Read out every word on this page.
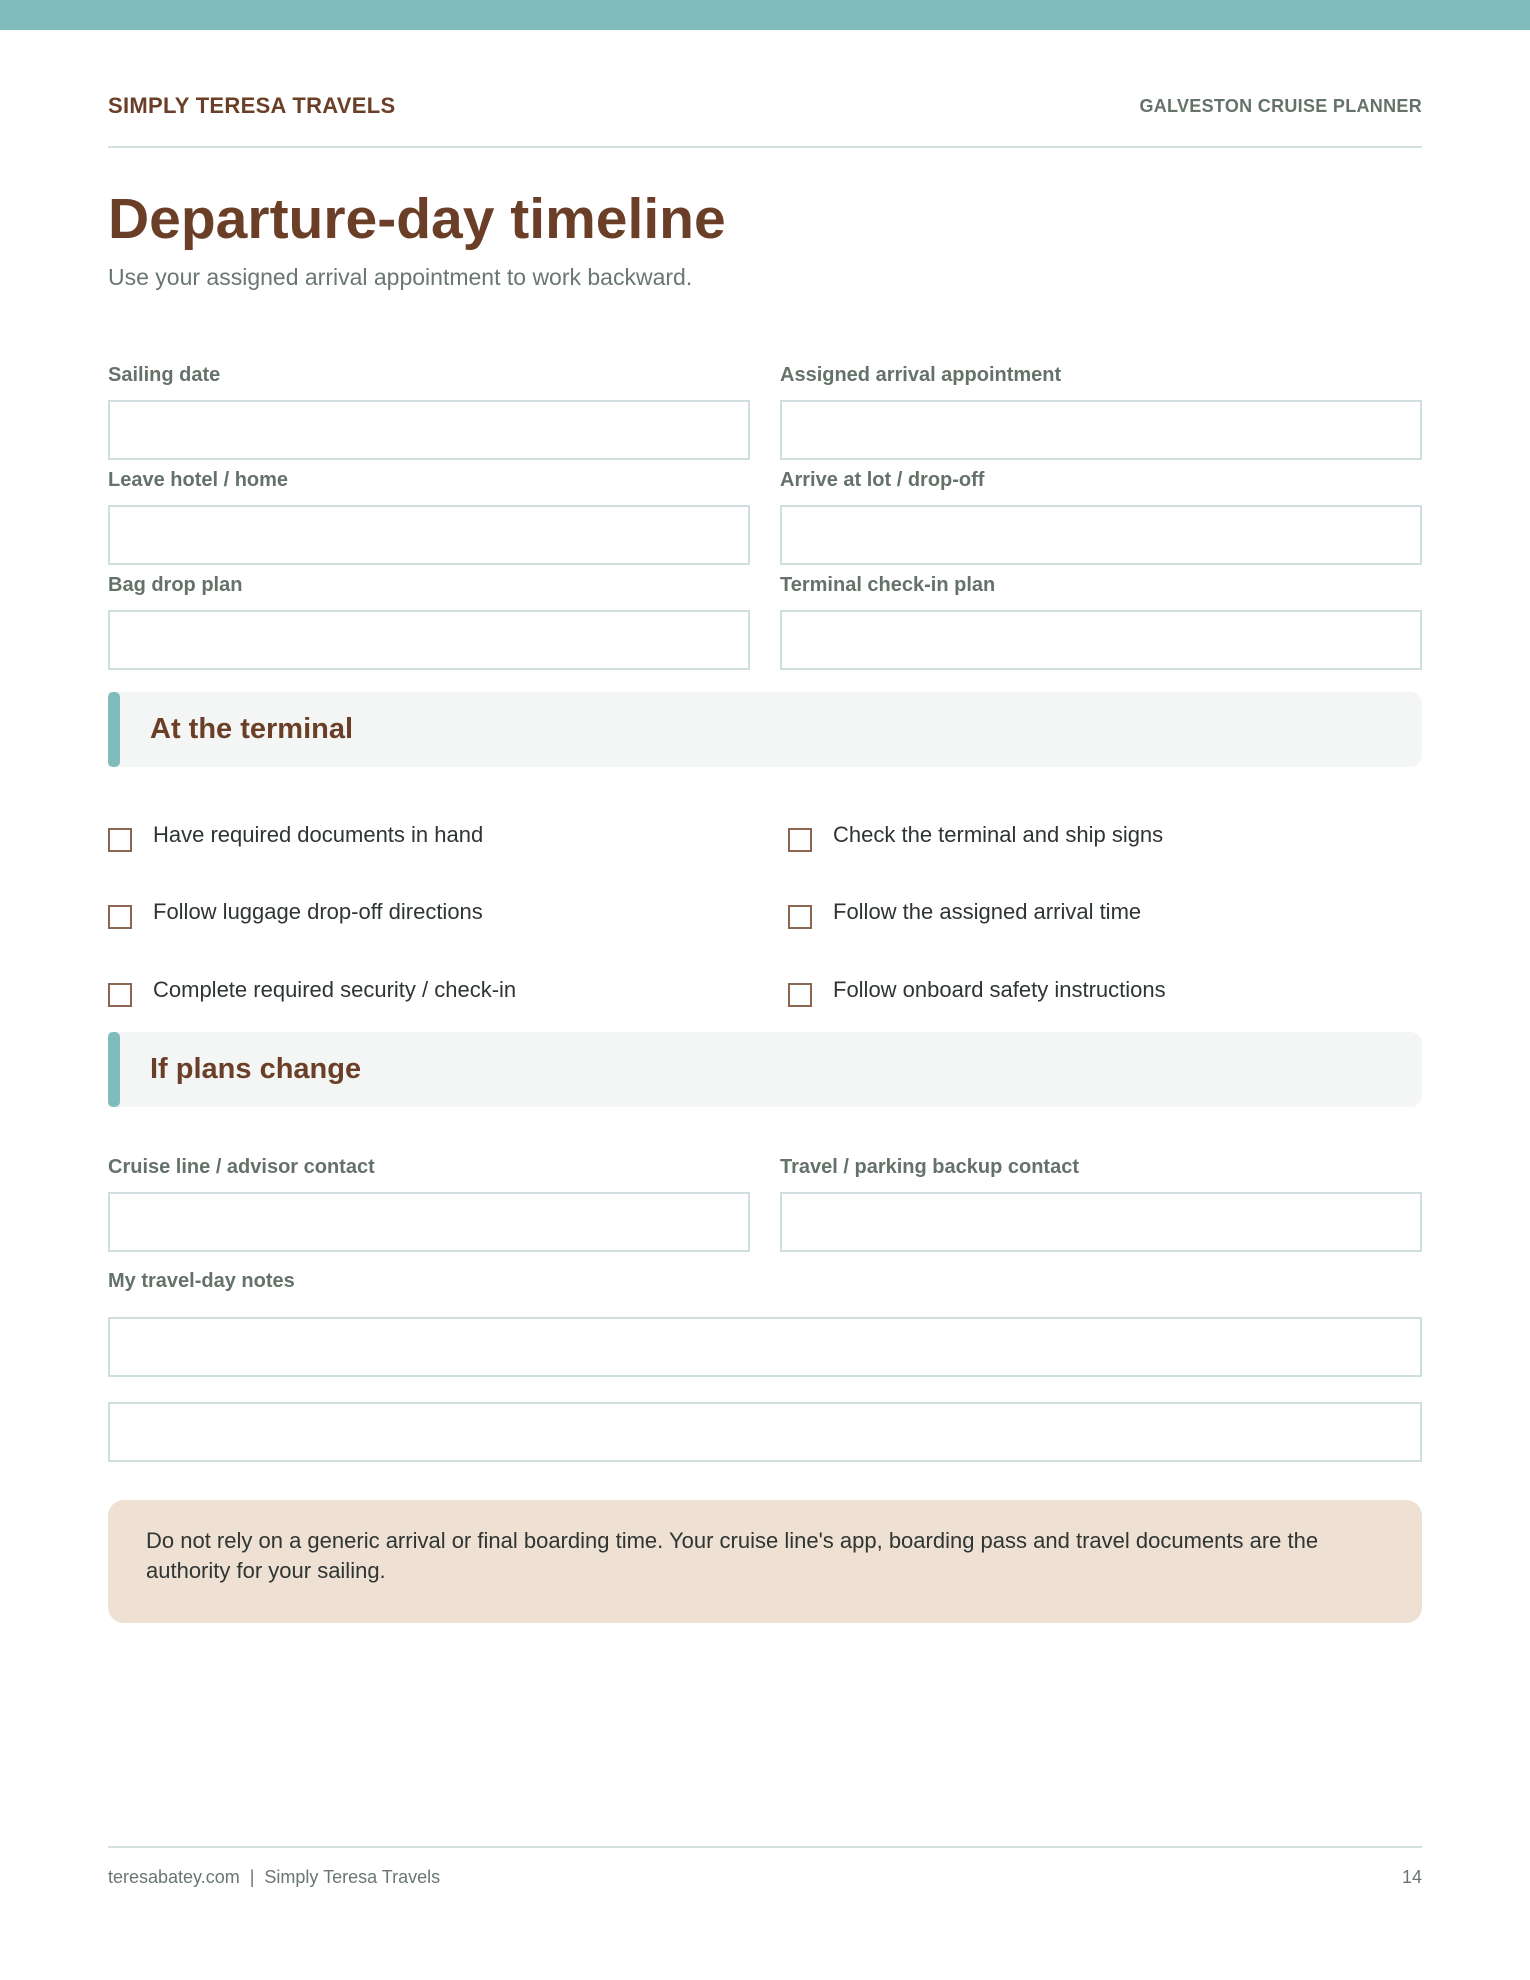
SIMPLY TERESA TRAVELS	GALVESTON CRUISE PLANNER
Departure-day timeline
Use your assigned arrival appointment to work backward.
Sailing date	Assigned arrival appointment
Leave hotel / home	Arrive at lot / drop-off
Bag drop plan	Terminal check-in plan
At the terminal
Have required documents in hand	Check the terminal and ship signs
Follow luggage drop-off directions	Follow the assigned arrival time
Complete required security / check-in	Follow onboard safety instructions
If plans change
Cruise line / advisor contact	Travel / parking backup contact
My travel-day notes
Do not rely on a generic arrival or final boarding time. Your cruise line's app, boarding pass and travel documents are the authority for your sailing.
teresabatey.com | Simply Teresa Travels	14
